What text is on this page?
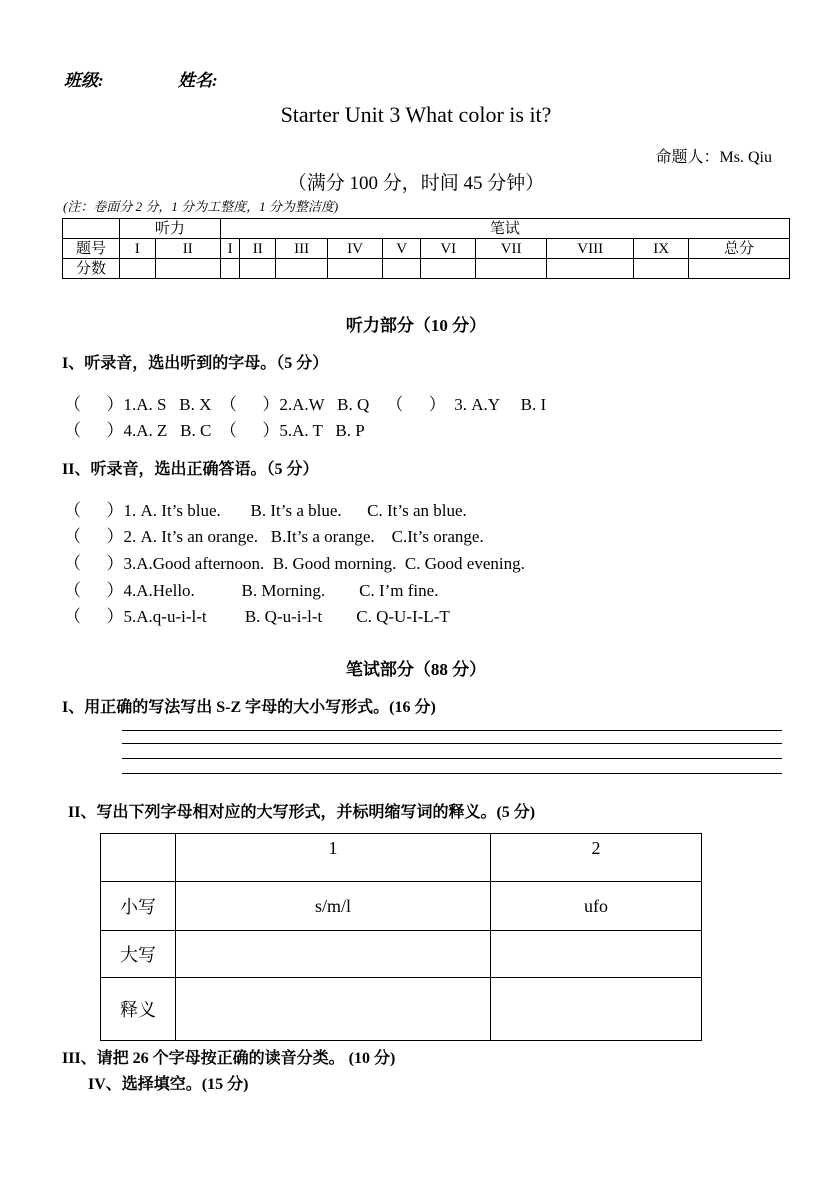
班级:	姓名:
Starter Unit 3 What color is it?
命题人：Ms. Qiu
（满分 100 分，时间 45 分钟）
(注：卷面分 2 分，1 分为工整度，1 分为整洁度)
	听力		笔试									
题号	I	II	I	II	III	IV	V	VI	VII	VIII	IX	总分
分数												
听力部分（10 分）
I、听录音，选出听到的字母。（5 分）
（      ）1.A. S   B. X  （      ）2.A.W   B. Q    （      ）  3. A.Y     B. I
（      ）4.A. Z   B. C  （      ）5.A. T   B. P
II、听录音，选出正确答语。（5 分）
（      ）1. A. It’s blue.       B. It’s a blue.      C. It’s an blue.
（      ）2. A. It’s an orange.   B.It’s a orange.    C.It’s orange.
（      ）3.A.Good afternoon.  B. Good morning.  C. Good evening.
（      ）4.A.Hello.           B. Morning.        C. I’m fine.
（      ）5.A.q-u-i-l-t         B. Q-u-i-l-t        C. Q-U-I-L-T
笔试部分（88 分）
I、用正确的写法写出 S-Z 字母的大小写形式。(16 分)
II、写出下列字母相对应的大写形式，并标明缩写词的释义。(5 分)
	1	2
小写	s/m/l	ufo
大写		
释义		
III、请把 26 个字母按正确的读音分类。 (10 分)
IV、选择填空。(15 分)
